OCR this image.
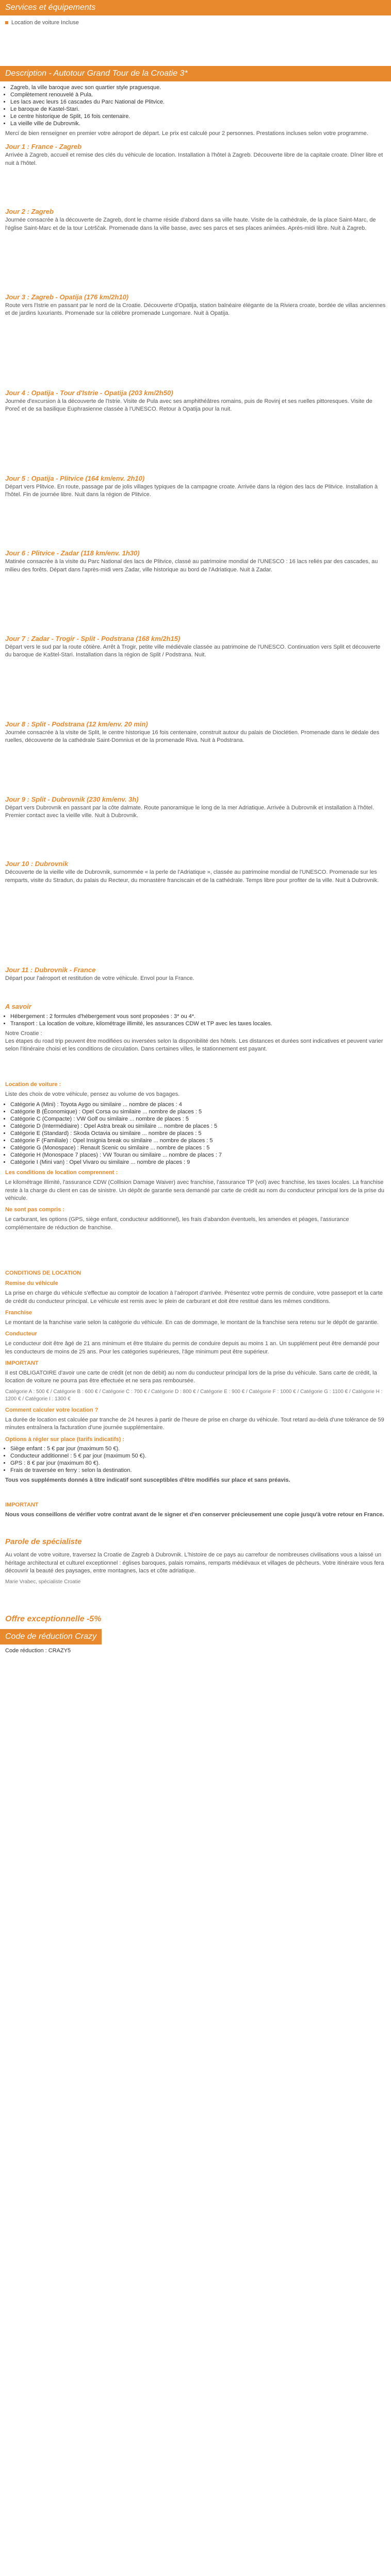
Services et équipements
Location de voiture Incluse
Description - Autotour Grand Tour de la Croatie 3*
• Zagreb, la ville baroque avec son quartier style praguesque.
• Complètement renouvelé à Pula.
• Les lacs avec leurs 16 cascades du Parc National de Plitvice.
• Le baroque de Kastel-Stari.
• Le centre historique de Split, 16 fois centenaire.
• La vieille ville de Dubrovnik.
Merci de bien renseigner en premier votre aéroport de départ. Le prix est calculé pour 2 personnes. Prestations incluses selon votre programme.
Jour 1 : France - Zagreb
Arrivée à Zagreb, accueil et remise des clés du véhicule de location. Installation à l'hôtel à Zagreb. Découverte libre de la capitale croate. Dîner libre et nuit à l'hôtel.
Jour 2 : Zagreb
Journée consacrée à la découverte de Zagreb, dont le charme réside d'abord dans sa ville haute. Visite de la cathédrale, de la place Saint-Marc, de l'église Saint-Marc et de la tour Lotrščak. Promenade dans la ville basse, avec ses parcs et ses places animées. Après-midi libre. Nuit à Zagreb.
Jour 3 : Zagreb - Opatija (176 km/2h10)
Route vers l'Istrie en passant par le nord de la Croatie. Découverte d'Opatija, station balnéaire élégante de la Riviera croate, bordée de villas anciennes et de jardins luxuriants. Promenade sur la célèbre promenade Lungomare. Nuit à Opatija.
Jour 4 : Opatija - Tour d'Istrie - Opatija (203 km/2h50)
Journée d'excursion à la découverte de l'Istrie. Visite de Pula avec ses amphithéâtres romains, puis de Rovinj et ses ruelles pittoresques. Visite de Poreč et de sa basilique Euphrasienne classée à l'UNESCO. Retour à Opatija pour la nuit.
Jour 5 : Opatija - Plitvice (164 km/env. 2h10)
Départ vers Plitvice. En route, passage par de jolis villages typiques de la campagne croate. Arrivée dans la région des lacs de Plitvice. Installation à l'hôtel. Fin de journée libre. Nuit dans la région de Plitvice.
Jour 6 : Plitvice - Zadar (118 km/env. 1h30)
Matinée consacrée à la visite du Parc National des lacs de Plitvice, classé au patrimoine mondial de l'UNESCO : 16 lacs reliés par des cascades, au milieu des forêts. Départ dans l'après-midi vers Zadar, ville historique au bord de l'Adriatique. Nuit à Zadar.
Jour 7 : Zadar - Trogir - Split - Podstrana (168 km/2h15)
Départ vers le sud par la route côtière. Arrêt à Trogir, petite ville médiévale classée au patrimoine de l'UNESCO. Continuation vers Split et découverte du baroque de Kaštel-Stari. Installation dans la région de Split / Podstrana. Nuit.
Jour 8 : Split - Podstrana (12 km/env. 20 min)
Journée consacrée à la visite de Split, le centre historique 16 fois centenaire, construit autour du palais de Dioclétien. Promenade dans le dédale des ruelles, découverte de la cathédrale Saint-Domnius et de la promenade Riva. Nuit à Podstrana.
Jour 9 : Split - Dubrovnik (230 km/env. 3h)
Départ vers Dubrovnik en passant par la côte dalmate. Route panoramique le long de la mer Adriatique. Arrivée à Dubrovnik et installation à l'hôtel. Premier contact avec la vieille ville. Nuit à Dubrovnik.
Jour 10 : Dubrovnik
Découverte de la vieille ville de Dubrovnik, surnommée « la perle de l'Adriatique », classée au patrimoine mondial de l'UNESCO. Promenade sur les remparts, visite du Stradun, du palais du Recteur, du monastère franciscain et de la cathédrale. Temps libre pour profiter de la ville. Nuit à Dubrovnik.
Jour 11 : Dubrovnik - France
Départ pour l'aéroport et restitution de votre véhicule. Envol pour la France.
A savoir
• Hébergement : 2 formules d'hébergement vous sont proposées : 3* ou 4*.
• Transport : La location de voiture, kilométrage illimité, les assurances CDW et TP avec les taxes locales.
Notre Croatie :
Les étapes du road trip peuvent être modifiées ou inversées selon la disponibilité des hôtels. Les distances et durées sont indicatives et peuvent varier selon l'itinéraire choisi et les conditions de circulation. Dans certaines villes, le stationnement est payant.
Location de voiture :
Liste des choix de votre véhicule, pensez au volume de vos bagages.
• Catégorie A (Mini) : Toyota Aygo ou similaire ... nombre de places : 4
• Catégorie B (Économique) : Opel Corsa ou similaire ... nombre de places : 5
• Catégorie C (Compacte) : VW Golf ou similaire ... nombre de places : 5
• Catégorie D (Intermédiaire) : Opel Astra break ou similaire ... nombre de places : 5
• Catégorie E (Standard) : Skoda Octavia ou similaire ... nombre de places : 5
• Catégorie F (Familiale) : Opel Insignia break ou similaire ... nombre de places : 5
• Catégorie G (Monospace) : Renault Scenic ou similaire ... nombre de places : 5
• Catégorie H (Monospace 7 places) : VW Touran ou similaire ... nombre de places : 7
• Catégorie I (Mini van) : Opel Vivaro ou similaire ... nombre de places : 9
Les conditions de location comprennent :
Le kilométrage illimité, l'assurance CDW (Collision Damage Waiver) avec franchise, l'assurance TP (vol) avec franchise, les taxes locales. La franchise reste à la charge du client en cas de sinistre. Un dépôt de garantie sera demandé par carte de crédit au nom du conducteur principal lors de la prise du véhicule.
Ne sont pas compris :
Le carburant, les options (GPS, siège enfant, conducteur additionnel), les frais d'abandon éventuels, les amendes et péages, l'assurance complémentaire de réduction de franchise.
CONDITIONS DE LOCATION
Remise du véhicule
La prise en charge du véhicule s'effectue au comptoir de location à l'aéroport d'arrivée. Présentez votre permis de conduire, votre passeport et la carte de crédit du conducteur principal. Le véhicule est remis avec le plein de carburant et doit être restitué dans les mêmes conditions.
Franchise
Le montant de la franchise varie selon la catégorie du véhicule. En cas de dommage, le montant de la franchise sera retenu sur le dépôt de garantie.
Conducteur
Le conducteur doit être âgé de 21 ans minimum et être titulaire du permis de conduire depuis au moins 1 an. Un supplément peut être demandé pour les conducteurs de moins de 25 ans. Pour les catégories supérieures, l'âge minimum peut être supérieur.
IMPORTANT
Il est OBLIGATOIRE d'avoir une carte de crédit (et non de débit) au nom du conducteur principal lors de la prise du véhicule. Sans carte de crédit, la location de voiture ne pourra pas être effectuée et ne sera pas remboursée.
Catégorie A : 500 € / Catégorie B : 600 € / Catégorie C : 700 € / Catégorie D : 800 € / Catégorie E : 900 € / Catégorie F : 1000 € / Catégorie G : 1100 € / Catégorie H : 1200 € / Catégorie I : 1300 €
Comment calculer votre location ?
La durée de location est calculée par tranche de 24 heures à partir de l'heure de prise en charge du véhicule. Tout retard au-delà d'une tolérance de 59 minutes entraînera la facturation d'une journée supplémentaire.
Options à régler sur place (tarifs indicatifs) :
• Siège enfant : 5 € par jour (maximum 50 €).
• Conducteur additionnel : 5 € par jour (maximum 50 €).
• GPS : 8 € par jour (maximum 80 €).
• Frais de traversée en ferry : selon la destination.
Tous vos suppléments donnés à titre indicatif sont susceptibles d'être modifiés sur place et sans préavis.
IMPORTANT
Nous vous conseillons de vérifier votre contrat avant de le signer et d'en conserver précieusement une copie jusqu'à votre retour en France.
Parole de spécialiste
Au volant de votre voiture, traversez la Croatie de Zagreb à Dubrovnik. L'histoire de ce pays au carrefour de nombreuses civilisations vous a laissé un héritage architectural et culturel exceptionnel : églises baroques, palais romains, remparts médiévaux et villages de pêcheurs. Votre itinéraire vous fera découvrir la beauté des paysages, entre montagnes, lacs et côte adriatique.
Marie Vrabec, spécialiste Croatie
Offre exceptionnelle -5%
Code de réduction Crazy
Code réduction : CRAZY5
